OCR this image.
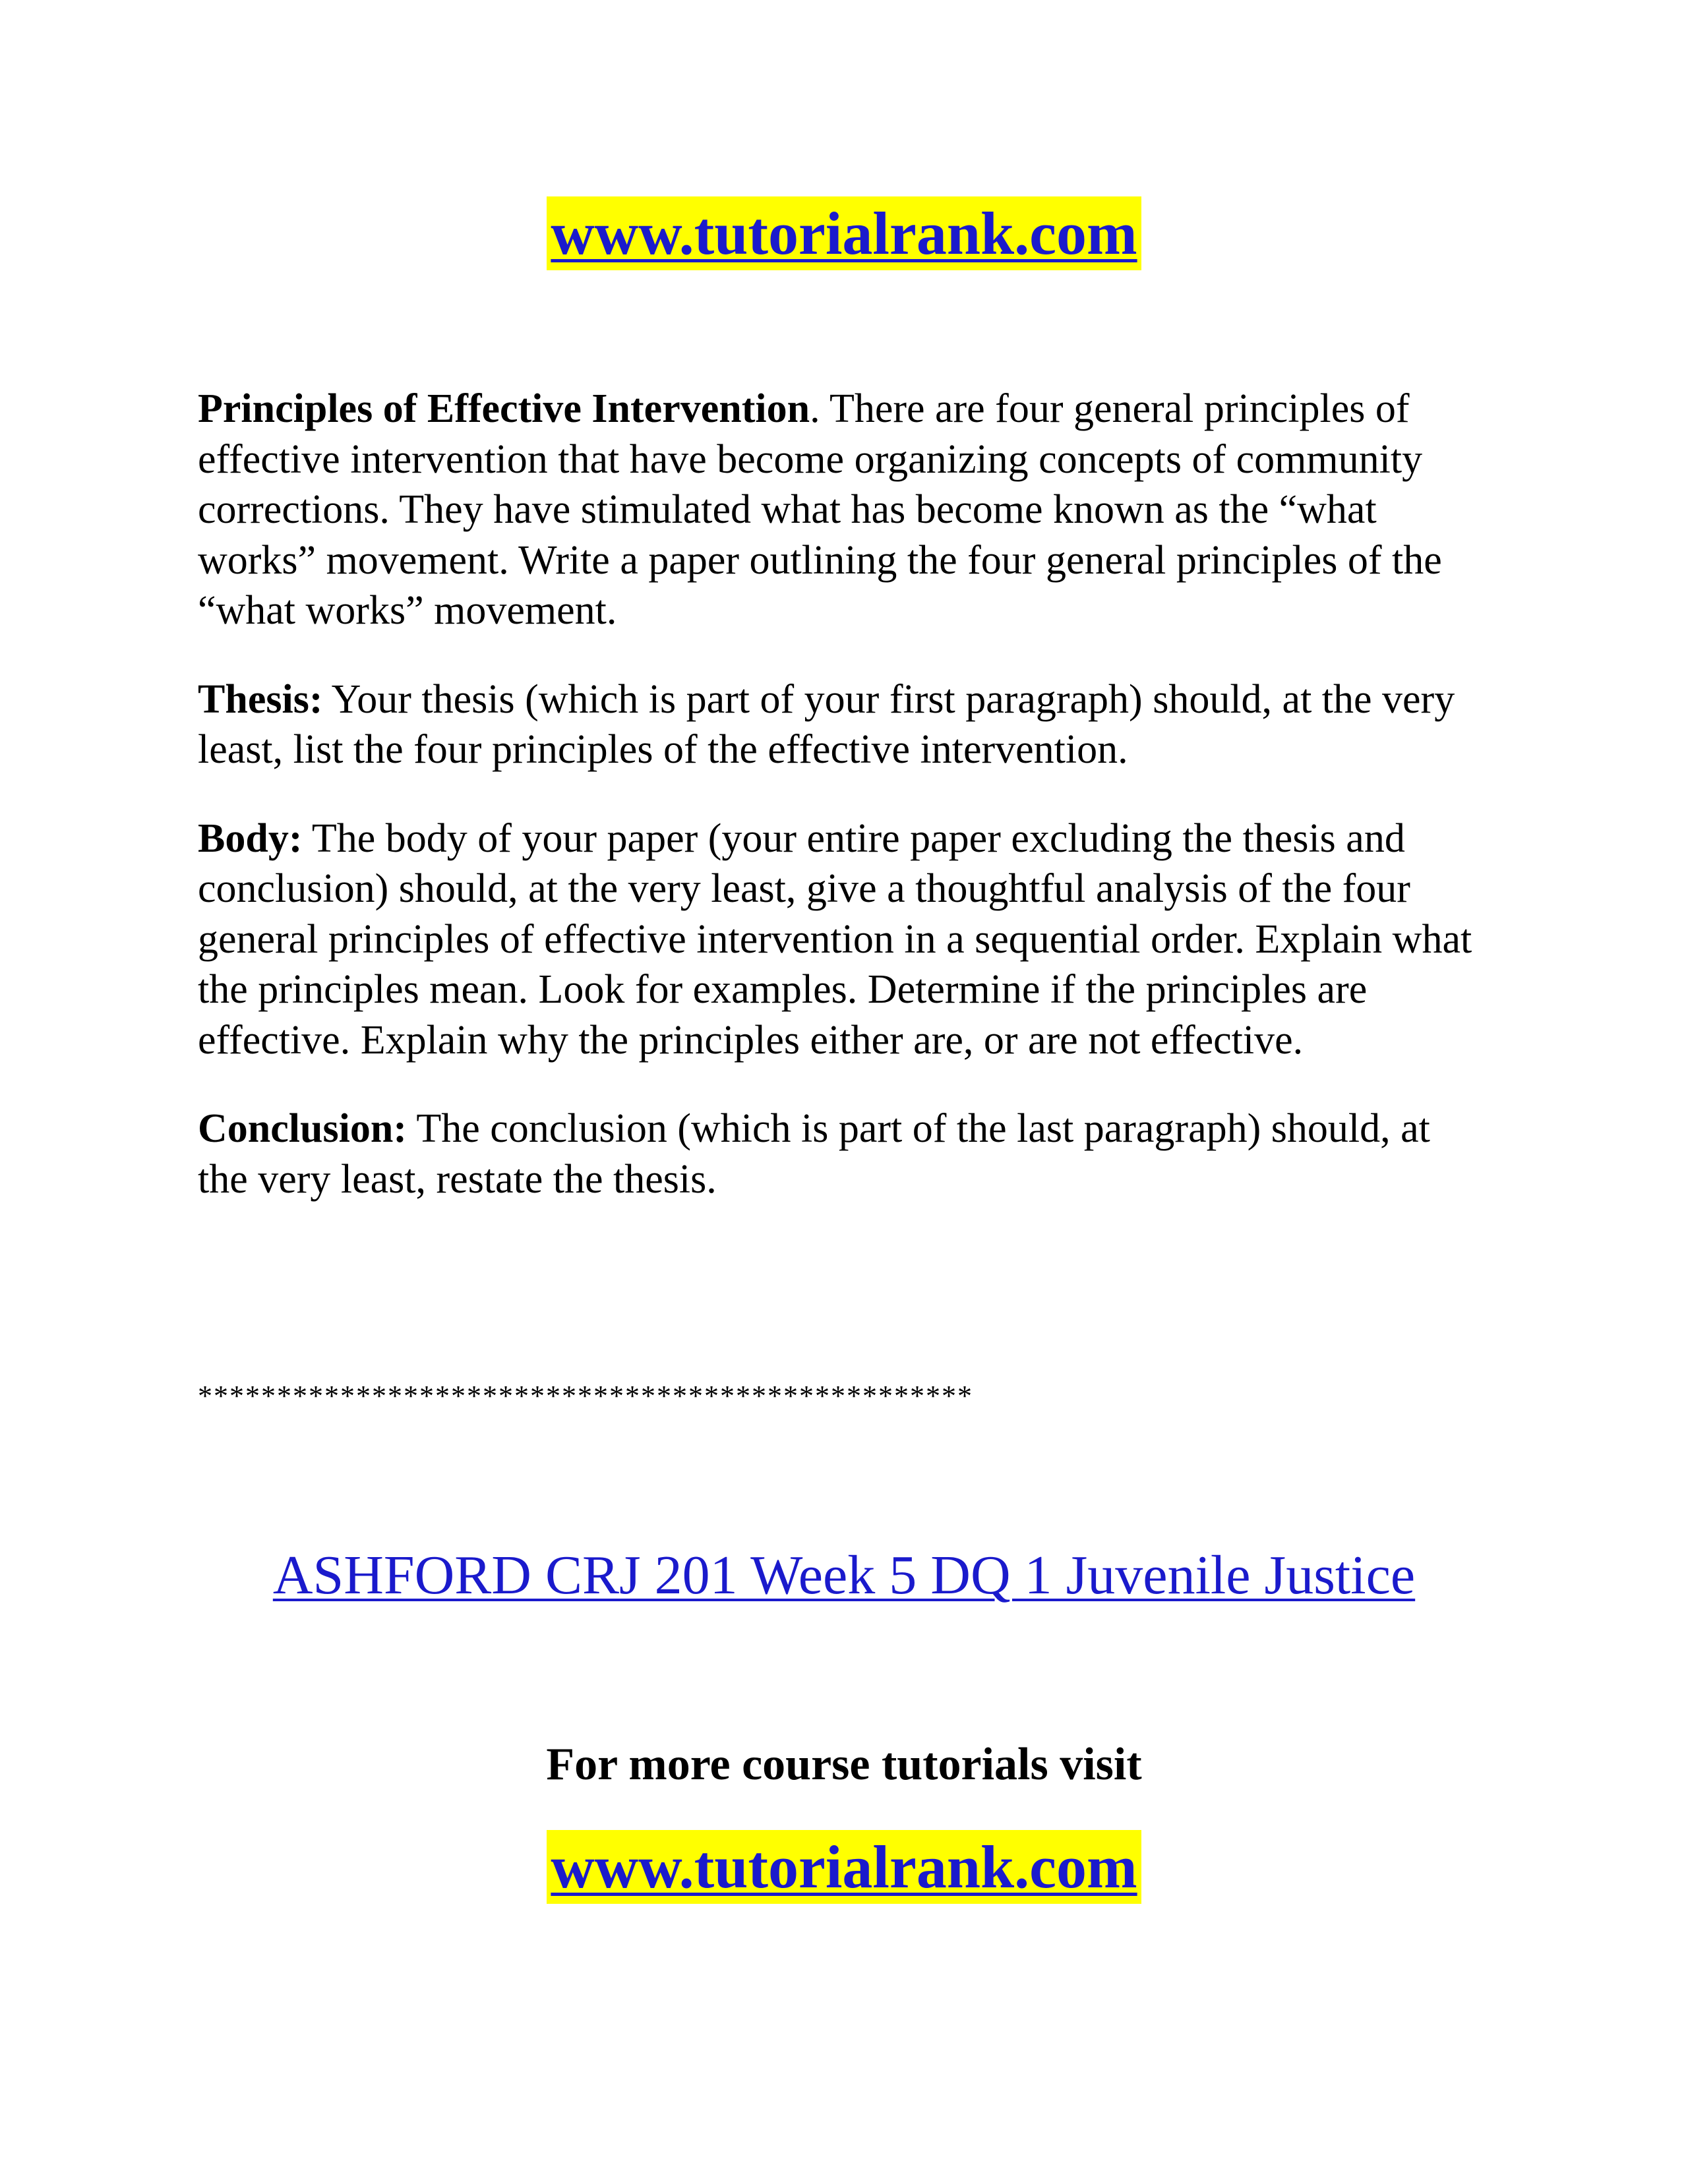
www.tutorialrank.com

Principles of Effective Intervention. There are four general principles of effective intervention that have become organizing concepts of community corrections. They have stimulated what has become known as the “what works” movement. Write a paper outlining the four general principles of the “what works” movement.

Thesis: Your thesis (which is part of your first paragraph) should, at the very least, list the four principles of the effective intervention.

Body: The body of your paper (your entire paper excluding the thesis and conclusion) should, at the very least, give a thoughtful analysis of the four general principles of effective intervention in a sequential order. Explain what the principles mean. Look for examples. Determine if the principles are effective. Explain why the principles either are, or are not effective.

Conclusion: The conclusion (which is part of the last paragraph) should, at the very least, restate the thesis.

*************************************************
ASHFORD CRJ 201 Week 5 DQ 1 Juvenile Justice
For more course tutorials visit
www.tutorialrank.com
